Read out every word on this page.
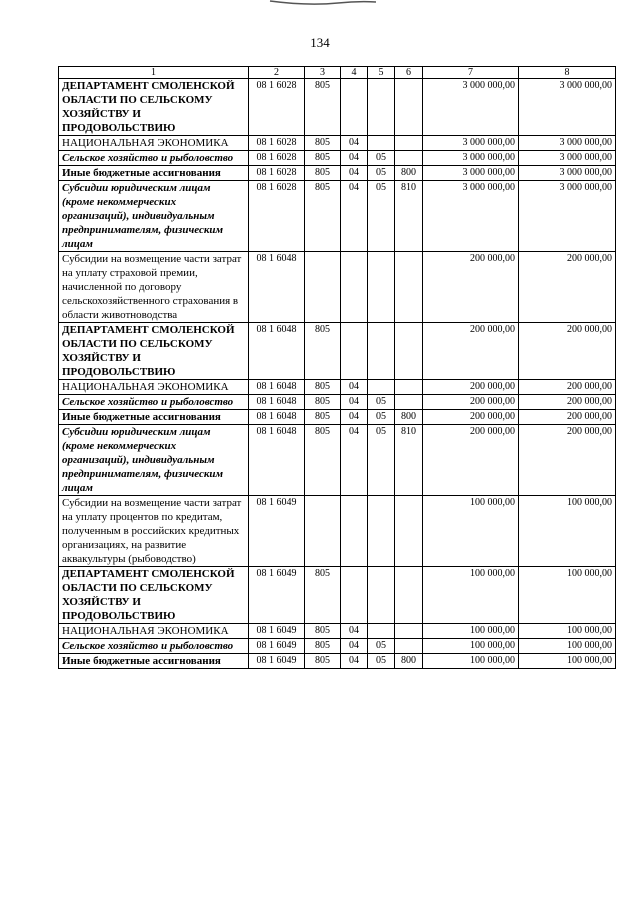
134
1	2	3	4	5	6	7	8
ДЕПАРТАМЕНТ СМОЛЕНСКОЙ ОБЛАСТИ ПО СЕЛЬСКОМУ ХОЗЯЙСТВУ И ПРОДОВОЛЬСТВИЮ	08 1 6028	805				3 000 000,00	3 000 000,00
НАЦИОНАЛЬНАЯ ЭКОНОМИКА	08 1 6028	805	04			3 000 000,00	3 000 000,00
Сельское хозяйство и рыболовство	08 1 6028	805	04	05		3 000 000,00	3 000 000,00
Иные бюджетные ассигнования	08 1 6028	805	04	05	800	3 000 000,00	3 000 000,00
Субсидии юридическим лицам (кроме некоммерческих организаций), индивидуальным предпринимателям, физическим лицам	08 1 6028	805	04	05	810	3 000 000,00	3 000 000,00
Субсидии на возмещение части затрат на уплату страховой премии, начисленной по договору сельскохозяйственного страхования в области животноводства	08 1 6048					200 000,00	200 000,00
ДЕПАРТАМЕНТ СМОЛЕНСКОЙ ОБЛАСТИ ПО СЕЛЬСКОМУ ХОЗЯЙСТВУ И ПРОДОВОЛЬСТВИЮ	08 1 6048	805				200 000,00	200 000,00
НАЦИОНАЛЬНАЯ ЭКОНОМИКА	08 1 6048	805	04			200 000,00	200 000,00
Сельское хозяйство и рыболовство	08 1 6048	805	04	05		200 000,00	200 000,00
Иные бюджетные ассигнования	08 1 6048	805	04	05	800	200 000,00	200 000,00
Субсидии юридическим лицам (кроме некоммерческих организаций), индивидуальным предпринимателям, физическим лицам	08 1 6048	805	04	05	810	200 000,00	200 000,00
Субсидии на возмещение части затрат на уплату процентов по кредитам, полученным в российских кредитных организациях, на развитие аквакультуры (рыбоводство)	08 1 6049					100 000,00	100 000,00
ДЕПАРТАМЕНТ СМОЛЕНСКОЙ ОБЛАСТИ ПО СЕЛЬСКОМУ ХОЗЯЙСТВУ И ПРОДОВОЛЬСТВИЮ	08 1 6049	805				100 000,00	100 000,00
НАЦИОНАЛЬНАЯ ЭКОНОМИКА	08 1 6049	805	04			100 000,00	100 000,00
Сельское хозяйство и рыболовство	08 1 6049	805	04	05		100 000,00	100 000,00
Иные бюджетные ассигнования	08 1 6049	805	04	05	800	100 000,00	100 000,00
